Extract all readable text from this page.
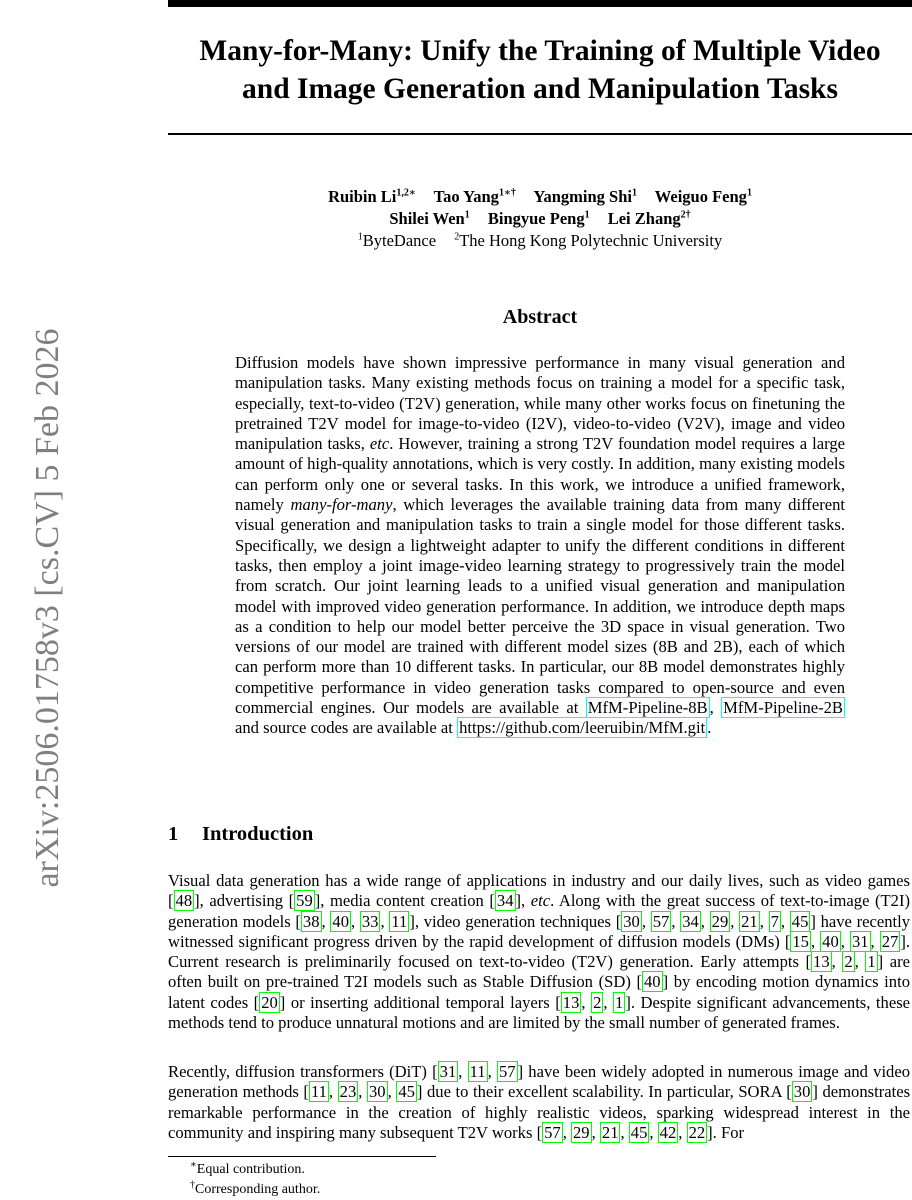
arXiv:2506.01758v3 [cs.CV] 5 Feb 2026
Many-for-Many: Unify the Training of Multiple Video
and Image Generation and Manipulation Tasks
Ruibin $Li^{1,2∗}$ Tao Yang$^{1∗\dagger}$ Yangming Shi$^1$ Weiguo Feng$^1$
Shilei Wen$^1$ Bingyue Peng$^1$ Lei Zhang$^{2\dagger}$
$^1$ByteDance $^2$The Hong Kong Polytechnic University
Abstract

Diffusion models have shown impressive performance in many visual generation and manipulation tasks. Many existing methods focus on training a model for a specific task, especially, text-to-video (T2V) generation, while many other works focus on finetuning the pretrained T2V model for image-to-video (I2V), video-to-video (V2V), image and video manipulation tasks, etc. However, training a strong T2V foundation model requires a large amount of high-quality annotations, which is very costly. In addition, many existing models can perform only one or several tasks. In this work, we introduce a unified framework, namely many-for-many, which leverages the available training data from many different visual generation and manipulation tasks to train a single model for those different tasks. Specifically, we design a lightweight adapter to unify the different conditions in different tasks, then employ a joint image-video learning strategy to progressively train the model from scratch. Our joint learning leads to a unified visual generation and manipulation model with improved video generation performance. In addition, we introduce depth maps as a condition to help our model better perceive the 3D space in visual generation. Two versions of our model are trained with different model sizes (8B and 2B), each of which can perform more than 10 different tasks. In particular, our 8B model demonstrates highly competitive performance in video generation tasks compared to open-source and even commercial engines. Our models are available at MfM-Pipeline-8B , MfM-Pipeline-2B and source codes are available at https://github.com/leeruibin/MfM.git .

1 Introduction

Visual data generation has a wide range of applications in industry and our daily lives, such as video games [ 48 ], advertising [ 59 ], media content creation [ 34 ], etc. Along with the great success of text-to-image (T2I) generation models [ 38 , 40 , 33 , 11 ], video generation techniques [ 30 , 57 , 34 , 29 , 21 , 7 , 45 ] have recently witnessed significant progress driven by the rapid development of diffusion models (DMs) [ 15 , 40 , 31 , 27 ]. Current research is preliminarily focused on text-to-video (T2V) generation. Early attempts [ 13 , 2 , 1 ] are often built on pre-trained T2I models such as Stable Diffusion (SD) [ 40 ] by encoding motion dynamics into latent codes [ 20 ] or inserting additional temporal layers [ 13 , 2 , 1 ]. Despite significant advancements, these methods tend to produce unnatural motions and are limited by the small number of generated frames.

Recently, diffusion transformers (DiT) [ 31 , 11 , 57 ] have been widely adopted in numerous image and video generation methods [ 11 , 23 , 30 , 45 ] due to their excellent scalability. In particular, SORA [ 30 ] demonstrates remarkable performance in the creation of highly realistic videos, sparking widespread interest in the community and inspiring many subsequent T2V works [ 57 , 29 , 21 , 45 , 42 , 22 ]. For

∗Equal contribution.

†Corresponding author.
